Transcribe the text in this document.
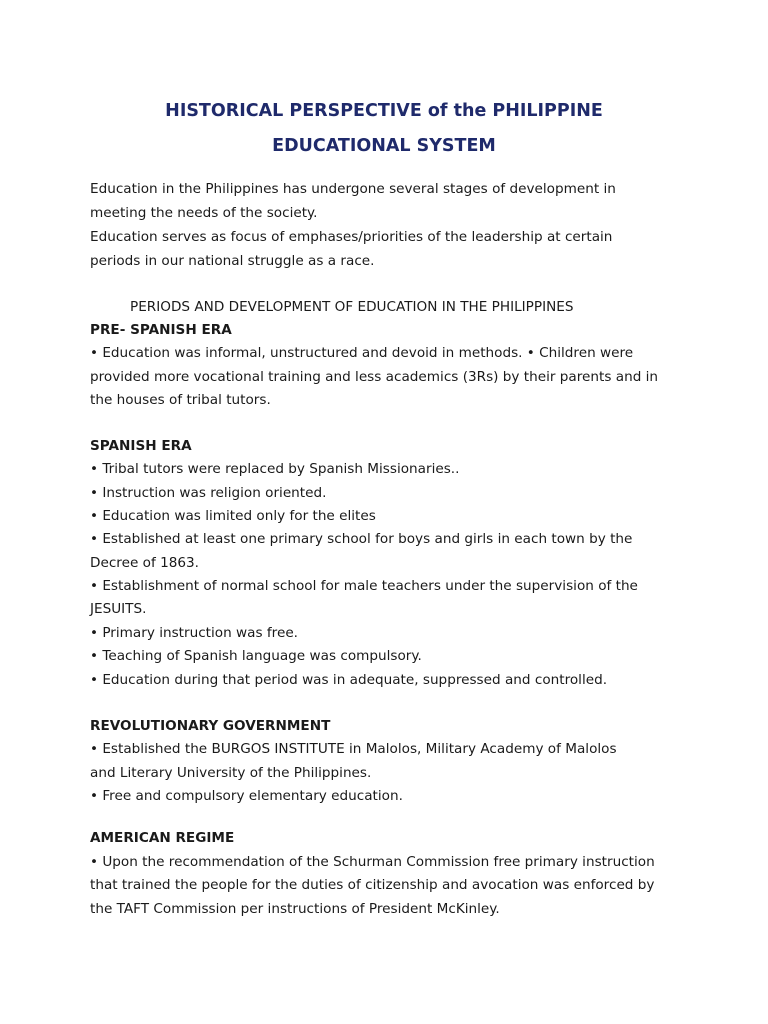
HISTORICAL PERSPECTIVE of the PHILIPPINE
EDUCATIONAL SYSTEM

Education in the Philippines has undergone several stages of development in

meeting the needs of the society.

Education serves as focus of emphases/priorities of the leadership at certain

periods in our national struggle as a race.

PERIODS AND DEVELOPMENT OF EDUCATION IN THE PHILIPPINES

PRE- SPANISH ERA

• Education was informal, unstructured and devoid in methods. • Children were

provided more vocational training and less academics (3Rs) by their parents and in

the houses of tribal tutors.

SPANISH ERA

• Tribal tutors were replaced by Spanish Missionaries..

• Instruction was religion oriented.

• Education was limited only for the elites

• Established at least one primary school for boys and girls in each town by the

Decree of 1863.

• Establishment of normal school for male teachers under the supervision of the

JESUITS.

• Primary instruction was free.

• Teaching of Spanish language was compulsory.

• Education during that period was in adequate, suppressed and controlled.

REVOLUTIONARY GOVERNMENT

• Established the BURGOS INSTITUTE in Malolos, Military Academy of Malolos

and Literary University of the Philippines.

• Free and compulsory elementary education.

AMERICAN REGIME

• Upon the recommendation of the Schurman Commission free primary instruction

that trained the people for the duties of citizenship and avocation was enforced by

the TAFT Commission per instructions of President McKinley.
